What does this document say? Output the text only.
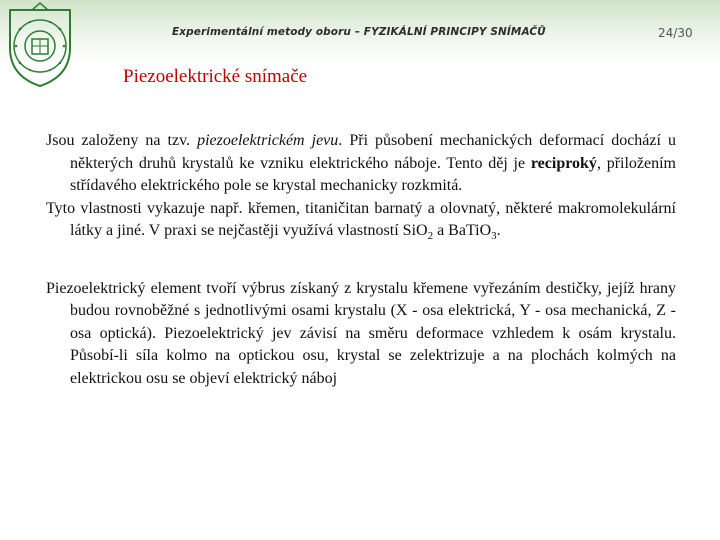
Experimentální metody oboru – FYZIKÁLNÍ PRINCIPY SNÍMAČŮ	24/30
Piezoelektrické snímače

Jsou založeny na tzv. piezoelektrickém jevu. Při působení mechanických deformací dochází u některých druhů krystalů ke vzniku elektrického náboje. Tento děj je reciproký, přiložením střídavého elektrického pole se krystal mechanicky rozkmitá.

Tyto vlastnosti vykazuje např. křemen, titaničitan barnatý a olovnatý, některé makromolekulární látky a jiné. V praxi se nejčastěji využívá vlastností SiO$_2$ a BaTiO$_3$.

Piezoelektrický element tvoří výbrus získaný z krystalu křemene vyřezáním destičky, jejíž hrany budou rovnoběžné s jednotlivými osami krystalu (X - osa elektrická, Y - osa mechanická, Z - osa optická). Piezoelektrický jev závisí na směru deformace vzhledem k osám krystalu. Působí-li síla kolmo na optickou osu, krystal se zelektrizuje a na plochách kolmých na elektrickou osu se objeví elektrický náboj
